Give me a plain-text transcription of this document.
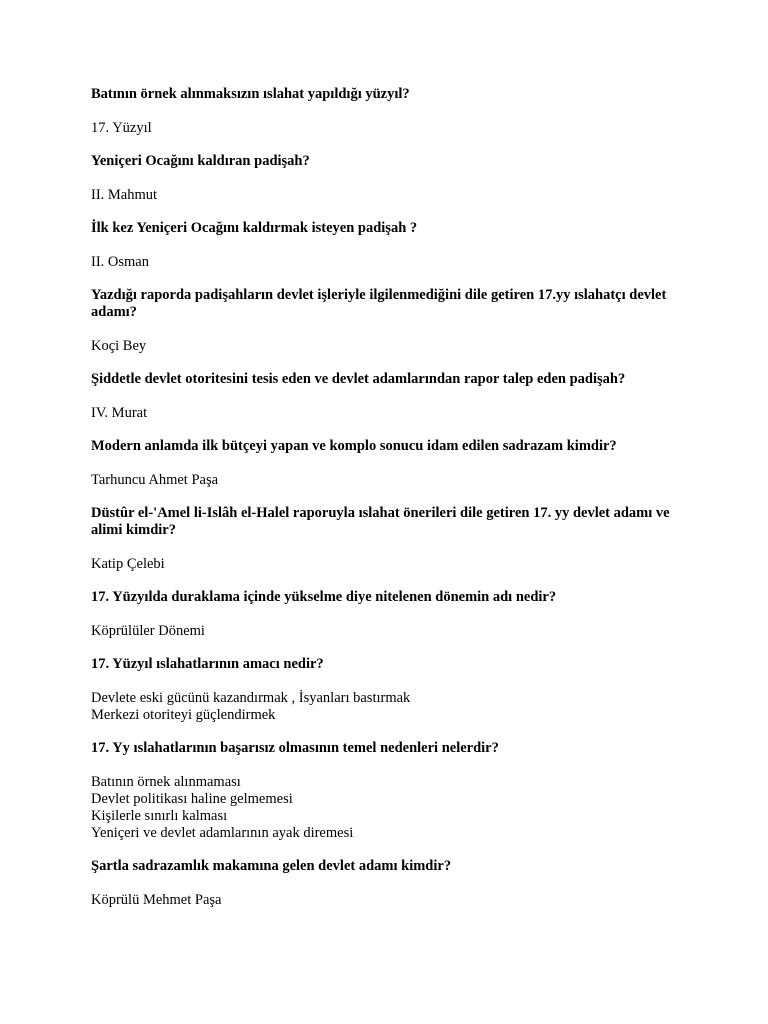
Batının örnek alınmaksızın ıslahat yapıldığı yüzyıl?

17. Yüzyıl

Yeniçeri Ocağını kaldıran padişah?

II. Mahmut

İlk kez Yeniçeri Ocağını kaldırmak isteyen padişah ?

II. Osman

Yazdığı raporda padişahların devlet işleriyle ilgilenmediğini dile getiren 17.yy ıslahatçı devlet adamı?

Koçi Bey

Şiddetle devlet otoritesini tesis eden ve devlet adamlarından rapor talep eden padişah?

IV. Murat

Modern anlamda ilk bütçeyi yapan ve komplo sonucu idam edilen sadrazam kimdir?

Tarhuncu Ahmet Paşa

Düstûr el-'Amel li-Islâh el-Halel raporuyla ıslahat önerileri dile getiren 17. yy devlet adamı ve alimi kimdir?

Katip Çelebi

17. Yüzyılda duraklama içinde yükselme diye nitelenen dönemin adı nedir?

Köprülüler Dönemi

17. Yüzyıl ıslahatlarının amacı nedir?

Devlete eski gücünü kazandırmak , İsyanları bastırmak
Merkezi otoriteyi güçlendirmek

17. Yy ıslahatlarının başarısız olmasının temel nedenleri nelerdir?

Batının örnek alınmaması
Devlet politikası haline gelmemesi
Kişilerle sınırlı kalması
Yeniçeri ve devlet adamlarının ayak diremesi

Şartla sadrazamlık makamına gelen devlet adamı kimdir?

Köprülü Mehmet Paşa
